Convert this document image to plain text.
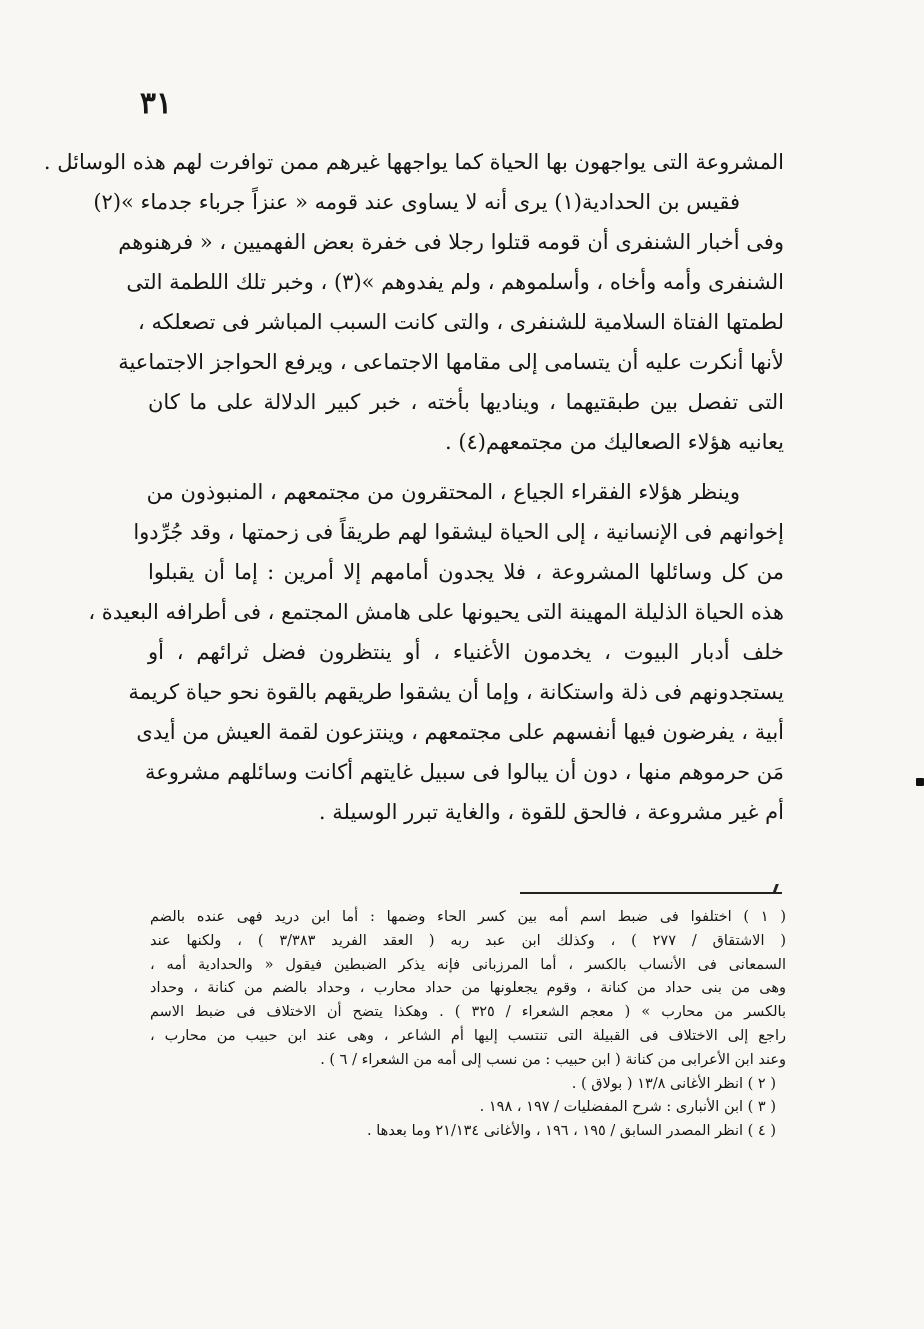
٣١
المشروعة التى يواجهون بها الحياة كما يواجهها غيرهم ممن توافرت لهم هذه الوسائل .
فقيس بن الحدادية(١) يرى أنه لا يساوى عند قومه « عنزاً جرباء جدماء »(٢)
وفى أخبار الشنفرى أن قومه قتلوا رجلا فى خفرة بعض الفهميين ، « فرهنوهم
الشنفرى وأمه وأخاه ، وأسلموهم ، ولم يفدوهم »(٣) ، وخبر تلك اللطمة التى
لطمتها الفتاة السلامية للشنفرى ، والتى كانت السبب المباشر فى تصعلكه ،
لأنها أنكرت عليه أن يتسامى إلى مقامها الاجتماعى ، ويرفع الحواجز الاجتماعية
التى تفصل بين طبقتيهما ، ويناديها بأخته ، خبر كبير الدلالة على ما كان
يعانيه هؤلاء الصعاليك من مجتمعهم(٤) .
وينظر هؤلاء الفقراء الجياع ، المحتقرون من مجتمعهم ، المنبوذون من
إخوانهم فى الإنسانية ، إلى الحياة ليشقوا لهم طريقاً فى زحمتها ، وقد جُرِّدوا
من كل وسائلها المشروعة ، فلا يجدون أمامهم إلا أمرين : إما أن يقبلوا
هذه الحياة الذليلة المهينة التى يحيونها على هامش المجتمع ، فى أطرافه البعيدة ،
خلف أدبار البيوت ، يخدمون الأغنياء ، أو ينتظرون فضل ثرائهم ، أو
يستجدونهم فى ذلة واستكانة ، وإما أن يشقوا طريقهم بالقوة نحو حياة كريمة
أبية ، يفرضون فيها أنفسهم على مجتمعهم ، وينتزعون لقمة العيش من أيدى
مَن حرموهم منها ، دون أن يبالوا فى سبيل غايتهم أكانت وسائلهم مشروعة
أم غير مشروعة ، فالحق للقوة ، والغاية تبرر الوسيلة .
( ١ ) اختلفوا فى ضبط اسم أمه بين كسر الحاء وضمها : أما ابن دريد فهى عنده بالضم
( الاشتقاق / ٢٧٧ ) ، وكذلك ابن عبد ربه ( العقد الفريد ٣/٣٨٣ ) ، ولكنها عند
السمعانى فى الأنساب بالكسر ، أما المرزبانى فإنه يذكر الضبطين فيقول « والحدادية أمه ،
وهى من بنى حداد من كنانة ، وقوم يجعلونها من حداد محارب ، وحداد بالضم من كنانة ، وحداد
بالكسر من محارب » ( معجم الشعراء / ٣٢٥ ) . وهكذا يتضح أن الاختلاف فى ضبط الاسم
راجع إلى الاختلاف فى القبيلة التى تنتسب إليها أم الشاعر ، وهى عند ابن حبيب من محارب ،
وعند ابن الأعرابى من كنانة ( ابن حبيب : من نسب إلى أمه من الشعراء / ٦ ) .
( ٢ ) انظر الأغانى ١٣/٨ ( بولاق ) .
( ٣ ) ابن الأنبارى : شرح المفضليات / ١٩٧ ، ١٩٨ .
( ٤ ) انظر المصدر السابق / ١٩٥ ، ١٩٦ ، والأغانى ٢١/١٣٤ وما بعدها .
